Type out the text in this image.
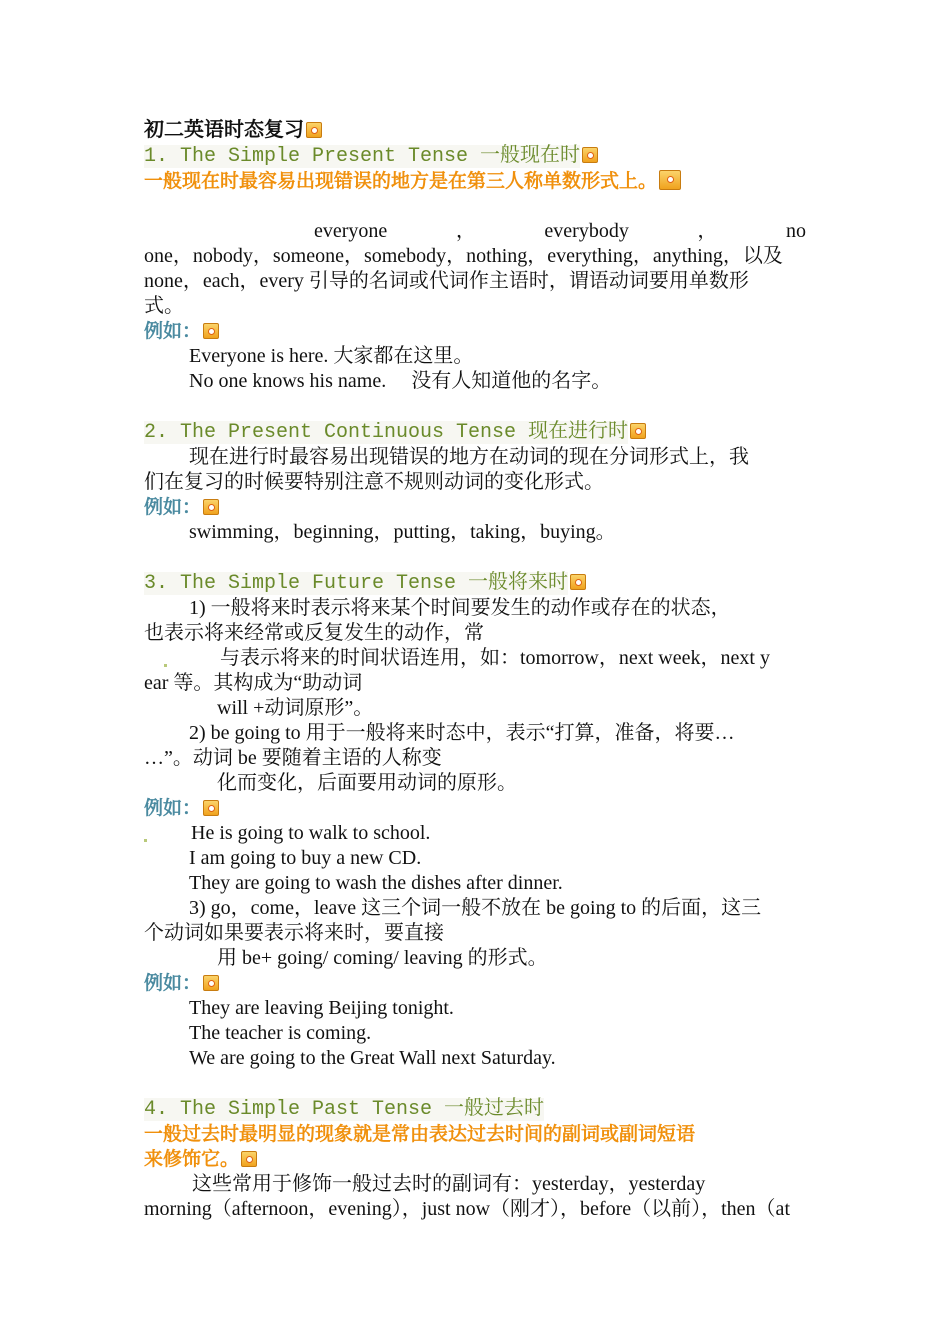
初二英语时态复习
1. The Simple Present Tense 一般现在时
一般现在时最容易出现错误的地方是在第三人称单数形式上。
everyone	，	everybody	，	no
one，nobody，someone，somebody，nothing，everything，anything，以及
none，each，every 引导的名词或代词作主语时，谓语动词要用单数形
式。
例如：
Everyone is here. 大家都在这里。
No one knows his name.     没有人知道他的名字。
2. The Present Continuous Tense 现在进行时
现在进行时最容易出现错误的地方在动词的现在分词形式上，我
们在复习的时候要特别注意不规则动词的变化形式。
例如：
swimming，beginning，putting，taking，buying。
3. The Simple Future Tense 一般将来时
1) 一般将来时表示将来某个时间要发生的动作或存在的状态，
也表示将来经常或反复发生的动作，常
与表示将来的时间状语连用，如：tomorrow，next week，next y
ear 等。其构成为“助动词
will +动词原形”。
2) be going to 用于一般将来时态中，表示“打算，准备，将要…
…”。动词 be 要随着主语的人称变
化而变化，后面要用动词的原形。
例如：
He is going to walk to school.
I am going to buy a new CD.
They are going to wash the dishes after dinner.
3) go，come，leave 这三个词一般不放在 be going to 的后面，这三
个动词如果要表示将来时，要直接
用 be+ going/ coming/ leaving 的形式。
例如：
They are leaving Beijing tonight.
The teacher is coming.
We are going to the Great Wall next Saturday.
4. The Simple Past Tense 一般过去时
一般过去时最明显的现象就是常由表达过去时间的副词或副词短语
来修饰它。
这些常用于修饰一般过去时的副词有：yesterday，yesterday
morning（afternoon，evening），just now（刚才），before（以前），then（at
